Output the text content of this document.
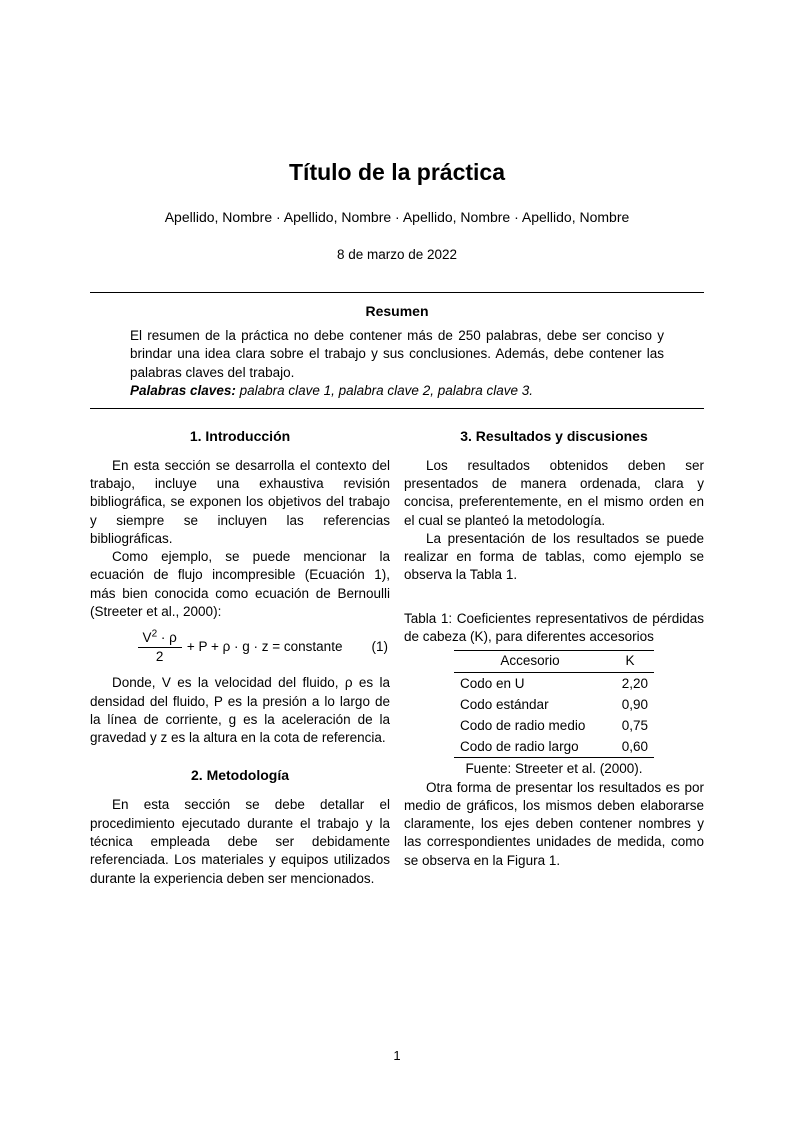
Título de la práctica
Apellido, Nombre · Apellido, Nombre · Apellido, Nombre · Apellido, Nombre
8 de marzo de 2022
Resumen
El resumen de la práctica no debe contener más de 250 palabras, debe ser conciso y brindar una idea clara sobre el trabajo y sus conclusiones. Además, debe contener las palabras claves del trabajo.
Palabras claves: palabra clave 1, palabra clave 2, palabra clave 3.
1. Introducción

En esta sección se desarrolla el contexto del trabajo, incluye una exhaustiva revisión bibliográfica, se exponen los objetivos del trabajo y siempre se incluyen las referencias bibliográficas.

Como ejemplo, se puede mencionar la ecuación de flujo incompresible (Ecuación 1), más bien conocida como ecuación de Bernoulli (Streeter et al., 2000):

$\frac{V^2 \cdot \rho}{2} + P + \rho \cdot g \cdot z$ = constante (1)

Donde, V es la velocidad del fluido, ρ es la densidad del fluido, P es la presión a lo largo de la línea de corriente, g es la aceleración de la gravedad y z es la altura en la cota de referencia.

2. Metodología

En esta sección se debe detallar el procedimiento ejecutado durante el trabajo y la técnica empleada debe ser debidamente referenciada. Los materiales y equipos utilizados durante la experiencia deben ser mencionados.

3. Resultados y discusiones

Los resultados obtenidos deben ser presentados de manera ordenada, clara y concisa, preferentemente, en el mismo orden en el cual se planteó la metodología.

La presentación de los resultados se puede realizar en forma de tablas, como ejemplo se observa la Tabla 1.

Tabla 1: Coeficientes representativos de pérdidas de cabeza (K), para diferentes accesorios
Accesorio	K
Codo en U	2,20
Codo estándar	0,90
Codo de radio medio	0,75
Codo de radio largo	0,60
Fuente: Streeter et al. (2000).

Otra forma de presentar los resultados es por medio de gráficos, los mismos deben elaborarse claramente, los ejes deben contener nombres y las correspondientes unidades de medida, como se observa en la Figura 1.

1
